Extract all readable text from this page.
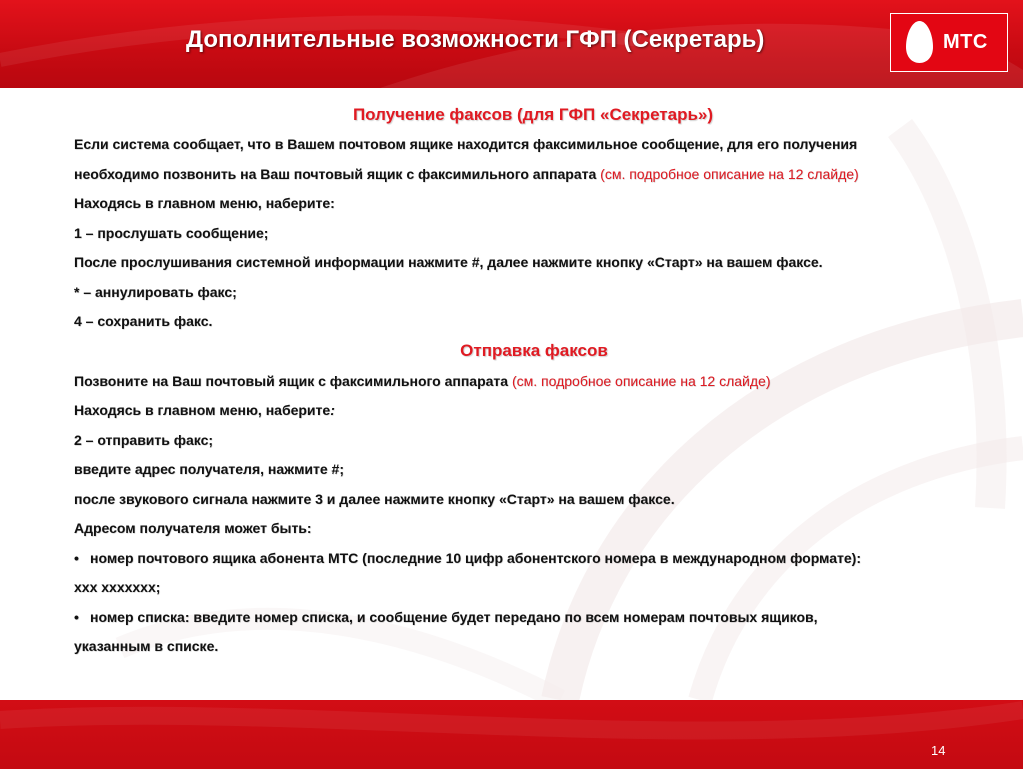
Дополнительные возможности ГФП (Секретарь)	МТС
Получение факсов (для ГФП «Секретарь»)
Если система сообщает, что в Вашем почтовом ящике находится факсимильное сообщение, для его получения
необходимо позвонить на Ваш почтовый ящик с факсимильного аппарата (см. подробное описание на 12 слайде)
Находясь в главном меню, наберите:
1 – прослушать сообщение;
После прослушивания системной информации нажмите #, далее нажмите кнопку «Старт» на вашем факсе.
* – аннулировать факс;
4 – сохранить факс.
Отправка факсов
Позвоните на Ваш почтовый ящик с факсимильного аппарата (см. подробное описание на 12 слайде)
Находясь в главном меню, наберите:
2 – отправить факс;
введите адрес получателя, нажмите #;
после звукового сигнала нажмите 3 и далее нажмите кнопку «Старт» на вашем факсе.
Адресом получателя может быть:
• номер почтового ящика абонента МТС (последние 10 цифр абонентского номера в международном формате):
ххх ххххххх;
• номер списка: введите номер списка, и сообщение будет передано по всем номерам почтовых ящиков,
указанным в списке.
14
